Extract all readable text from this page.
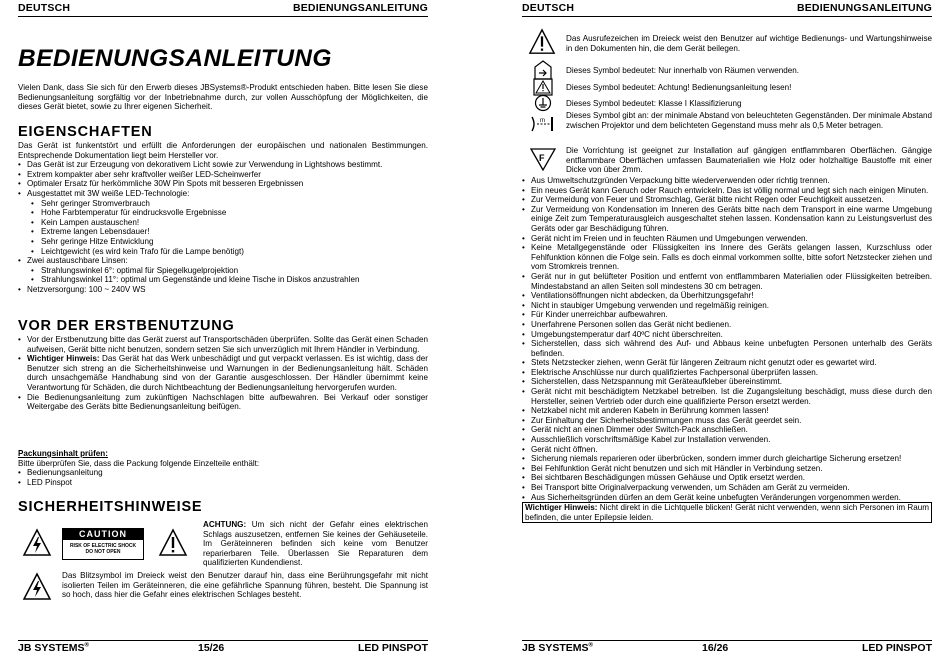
DEUTSCH	BEDIENUNGSANLEITUNG
BEDIENUNGSANLEITUNG

Vielen Dank, dass Sie sich für den Erwerb dieses JBSystems®-Produkt entschieden haben. Bitte lesen Sie diese Bedienungsanleitung sorgfältig vor der Inbetriebnahme durch, zur vollen Ausschöpfung der Möglichkeiten, die dieses Gerät bietet, sowie zu Ihrer eigenen Sicherheit.

EIGENSCHAFTEN

Das Gerät ist funkentstört und erfüllt die Anforderungen der europäischen und nationalen Bestimmungen. Entsprechende Dokumentation liegt beim Hersteller vor.

• Das Gerät ist zur Erzeugung von dekorativem Licht sowie zur Verwendung in Lightshows bestimmt.
• Extrem kompakter aber sehr kraftvoller weißer LED-Scheinwerfer
• Optimaler Ersatz für herkömmliche 30W Pin Spots mit besseren Ergebnissen
• Ausgestattet mit 3W weiße LED-Technologie:
• Sehr geringer Stromverbrauch
• Hohe Farbtemperatur für eindrucksvolle Ergebnisse
• Kein Lampen austauschen!
• Extreme langen Lebensdauer!
• Sehr geringe Hitze Entwicklung
• Leichtgewicht (es wird kein Trafo für die Lampe benötigt)
• Zwei austauschbare Linsen:
• Strahlungswinkel 6°: optimal für Spiegelkugelprojektion
• Strahlungswinkel 11°: optimal um Gegenstände und kleine Tische in Diskos anzustrahlen
• Netzversorgung: 100 ~ 240V WS
VOR DER ERSTBENUTZUNG
• Vor der Erstbenutzung bitte das Gerät zuerst auf Transportschäden überprüfen. Sollte das Gerät einen Schaden aufweisen, Gerät bitte nicht benutzen, sondern setzen Sie sich unverzüglich mit Ihrem Händler in Verbindung.
• Wichtiger Hinweis: Das Gerät hat das Werk unbeschädigt und gut verpackt verlassen. Es ist wichtig, dass der Benutzer sich streng an die Sicherheitshinweise und Warnungen in der Bedienungsanleitung hält. Schäden durch unsachgemäße Handhabung sind von der Garantie ausgeschlossen. Der Händler übernimmt keine Verantwortung für Schäden, die durch Nichtbeachtung der Bedienungsanleitung hervorgerufen wurden.
• Die Bedienungsanleitung zum zukünftigen Nachschlagen bitte aufbewahren. Bei Verkauf oder sonstiger Weitergabe des Geräts bitte Bedienungsanleitung beifügen.

Packungsinhalt prüfen:

Bitte überprüfen Sie, dass die Packung folgende Einzelteile enthält:

• Bedienungsanleitung
• LED Pinspot
SICHERHEITSHINWEISE
CAUTION
RISK OF ELECTRIC SHOCK
DO NOT OPEN

ACHTUNG: Um sich nicht der Gefahr eines elektrischen Schlags auszusetzen, entfernen Sie keines der Gehäuseteile. Im Geräteinneren befinden sich keine vom Benutzer reparierbaren Teile. Überlassen Sie Reparaturen dem qualifizierten Kundendienst.

Das Blitzsymbol im Dreieck weist den Benutzer darauf hin, dass eine Berührungsgefahr mit nicht isolierten Teilen im Geräteinneren, die eine gefährliche Spannung führen, besteht. Die Spannung ist so hoch, dass hier die Gefahr eines elektrischen Schlages besteht.

JB SYSTEMS®	15/26	LED PINSPOT
DEUTSCH	BEDIENUNGSANLEITUNG

Das Ausrufezeichen im Dreieck weist den Benutzer auf wichtige Bedienungs- und Wartungshinweise in den Dokumenten hin, die dem Gerät beilegen.

Dieses Symbol bedeutet: Nur innerhalb von Räumen verwenden.

Dieses Symbol bedeutet: Achtung! Bedienungsanleitung lesen!

Dieses Symbol bedeutet: Klasse I Klassifizierung

m

Dieses Symbol gibt an: der minimale Abstand von beleuchteten Gegenständen. Der minimale Abstand zwischen Projektor und dem belichteten Gegenstand muss mehr als 0,5 Meter betragen.

F

Die Vorrichtung ist geeignet zur Installation auf gängigen entflammbaren Oberflächen. Gängige entflammbare Oberflächen umfassen Baumaterialien wie Holz oder holzhaltige Baustoffe mit einer Dicke von über 2mm.

• Aus Umweltschutzgründen Verpackung bitte wiederverwenden oder richtig trennen.
• Ein neues Gerät kann Geruch oder Rauch entwickeln. Das ist völlig normal und legt sich nach einigen Minuten.
• Zur Vermeidung von Feuer und Stromschlag, Gerät bitte nicht Regen oder Feuchtigkeit aussetzen.
• Zur Vermeidung von Kondensation im Inneren des Geräts bitte nach dem Transport in eine warme Umgebung einige Zeit zum Temperaturausgleich ausgeschaltet stehen lassen. Kondensation kann zu Leistungsverlust des Geräts oder gar Beschädigung führen.
• Gerät nicht im Freien und in feuchten Räumen und Umgebungen verwenden.
• Keine Metallgegenstände oder Flüssigkeiten ins Innere des Geräts gelangen lassen, Kurzschluss oder Fehlfunktion können die Folge sein. Falls es doch einmal vorkommen sollte, bitte sofort Netzstecker ziehen und vom Stromkreis trennen.
• Gerät nur in gut belüfteter Position und entfernt von entflammbaren Materialien oder Flüssigkeiten betreiben. Mindestabstand an allen Seiten soll mindestens 30 cm betragen.
• Ventilationsöffnungen nicht abdecken, da Überhitzungsgefahr!
• Nicht in staubiger Umgebung verwenden und regelmäßig reinigen.
• Für Kinder unerreichbar aufbewahren.
• Unerfahrene Personen sollen das Gerät nicht bedienen.
• Umgebungstemperatur darf 40ºC nicht überschreiten.
• Sicherstellen, dass sich während des Auf- und Abbaus keine unbefugten Personen unterhalb des Geräts befinden.
• Stets Netzstecker ziehen, wenn Gerät für längeren Zeitraum nicht genutzt oder es gewartet wird.
• Elektrische Anschlüsse nur durch qualifiziertes Fachpersonal überprüfen lassen.
• Sicherstellen, dass Netzspannung mit Geräteaufkleber übereinstimmt.
• Gerät nicht mit beschädigtem Netzkabel betreiben. Ist die Zugangsleitung beschädigt, muss diese durch den Hersteller, seinen Vertrieb oder durch eine qualifizierte Person ersetzt werden.
• Netzkabel nicht mit anderen Kabeln in Berührung kommen lassen!
• Zur Einhaltung der Sicherheitsbestimmungen muss das Gerät geerdet sein.
• Gerät nicht an einen Dimmer oder Switch-Pack anschließen.
• Ausschließlich vorschriftsmäßige Kabel zur Installation verwenden.
• Gerät nicht öffnen.
• Sicherung niemals reparieren oder überbrücken, sondern immer durch gleichartige Sicherung ersetzen!
• Bei Fehlfunktion Gerät nicht benutzen und sich mit Händler in Verbindung setzen.
• Bei sichtbaren Beschädigungen müssen Gehäuse und Optik ersetzt werden.
• Bei Transport bitte Originalverpackung verwenden, um Schäden am Gerät zu vermeiden.
• Aus Sicherheitsgründen dürfen an dem Gerät keine unbefugten Veränderungen vorgenommen werden.

Wichtiger Hinweis: Nicht direkt in die Lichtquelle blicken! Gerät nicht verwenden, wenn sich Personen im Raum befinden, die unter Epilepsie leiden.

JB SYSTEMS®	16/26	LED PINSPOT
